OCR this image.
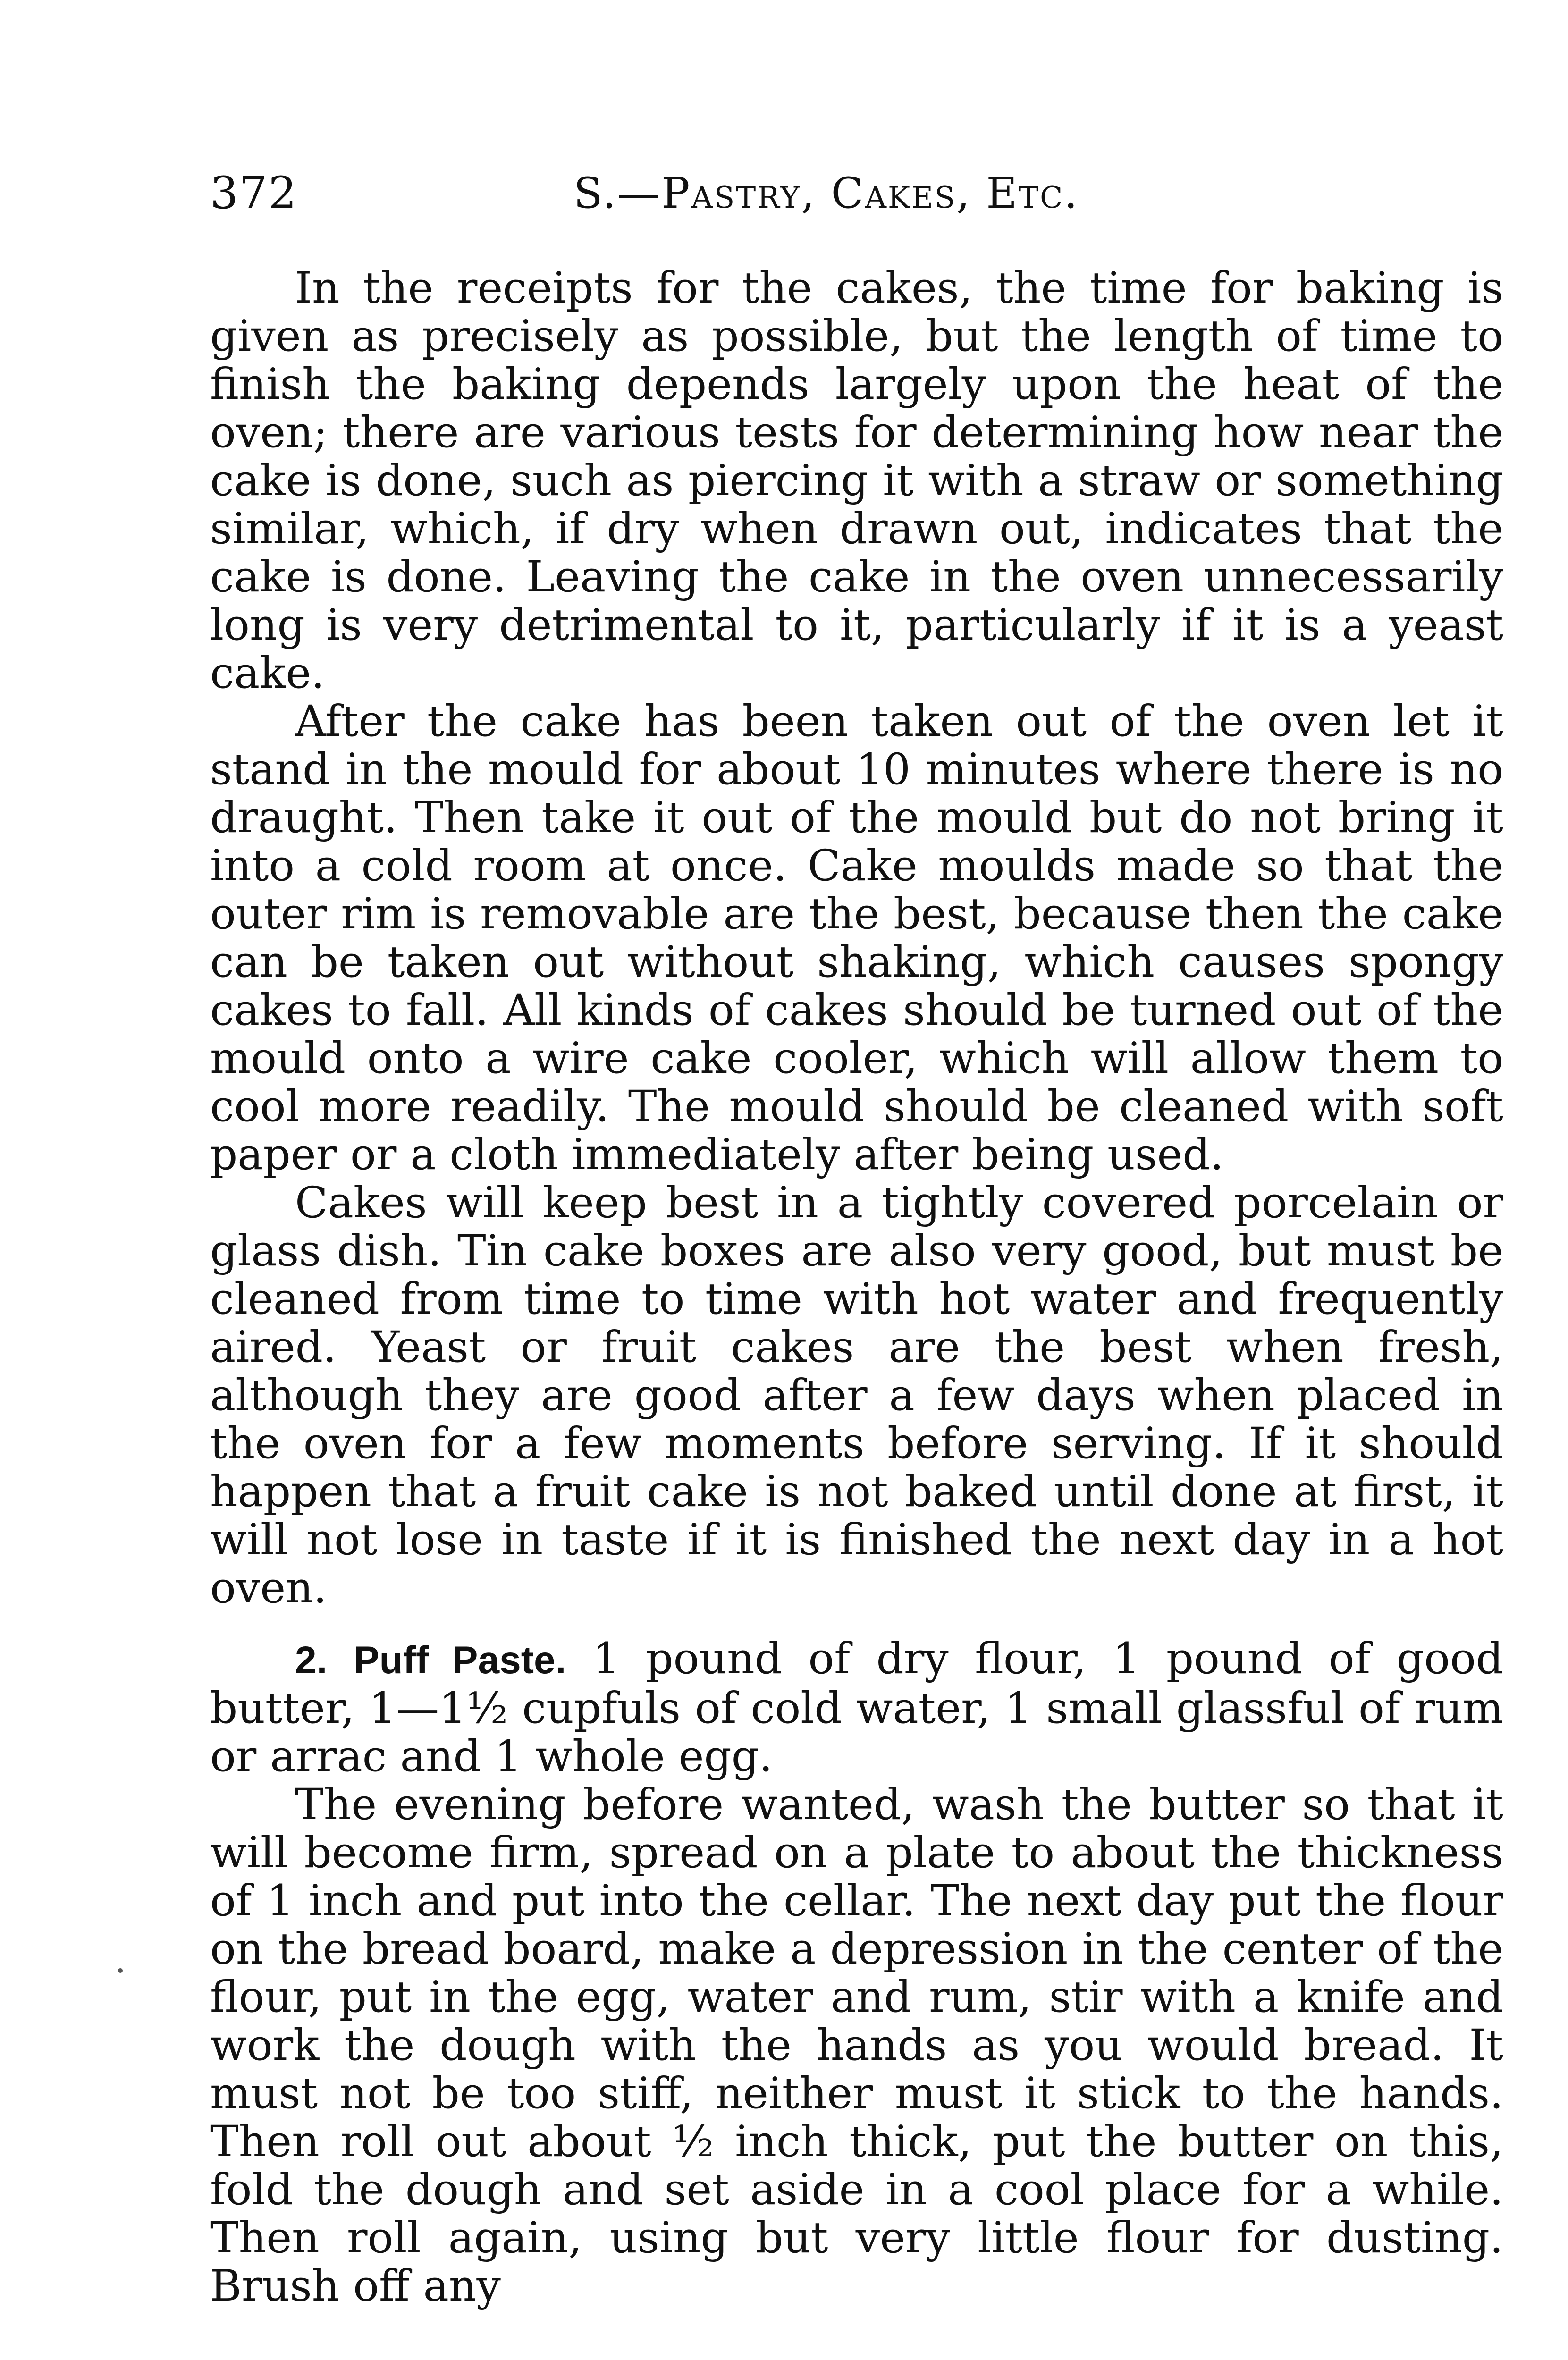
372	S.—Pastry, Cakes, Etc.

In the receipts for the cakes, the time for baking is given as precisely as possible, but the length of time to finish the baking depends largely upon the heat of the oven; there are various tests for determining how near the cake is done, such as piercing it with a straw or something similar, which, if dry when drawn out, indicates that the cake is done. Leaving the cake in the oven unnecessarily long is very detrimental to it, particularly if it is a yeast cake.

After the cake has been taken out of the oven let it stand in the mould for about 10 minutes where there is no draught. Then take it out of the mould but do not bring it into a cold room at once. Cake moulds made so that the outer rim is removable are the best, because then the cake can be taken out without shaking, which causes spongy cakes to fall. All kinds of cakes should be turned out of the mould onto a wire cake cooler, which will allow them to cool more readily. The mould should be cleaned with soft paper or a cloth immediately after being used.

Cakes will keep best in a tightly covered porcelain or glass dish. Tin cake boxes are also very good, but must be cleaned from time to time with hot water and frequently aired. Yeast or fruit cakes are the best when fresh, although they are good after a few days when placed in the oven for a few moments before serving. If it should happen that a fruit cake is not baked until done at first, it will not lose in taste if it is finished the next day in a hot oven.

2. Puff Paste. 1 pound of dry flour, 1 pound of good butter, 1—1½ cupfuls of cold water, 1 small glassful of rum or arrac and 1 whole egg.

The evening before wanted, wash the butter so that it will become firm, spread on a plate to about the thickness of 1 inch and put into the cellar. The next day put the flour on the bread board, make a depression in the center of the flour, put in the egg, water and rum, stir with a knife and work the dough with the hands as you would bread. It must not be too stiff, neither must it stick to the hands. Then roll out about ½ inch thick, put the butter on this, fold the dough and set aside in a cool place for a while. Then roll again, using but very little flour for dusting. Brush off any
